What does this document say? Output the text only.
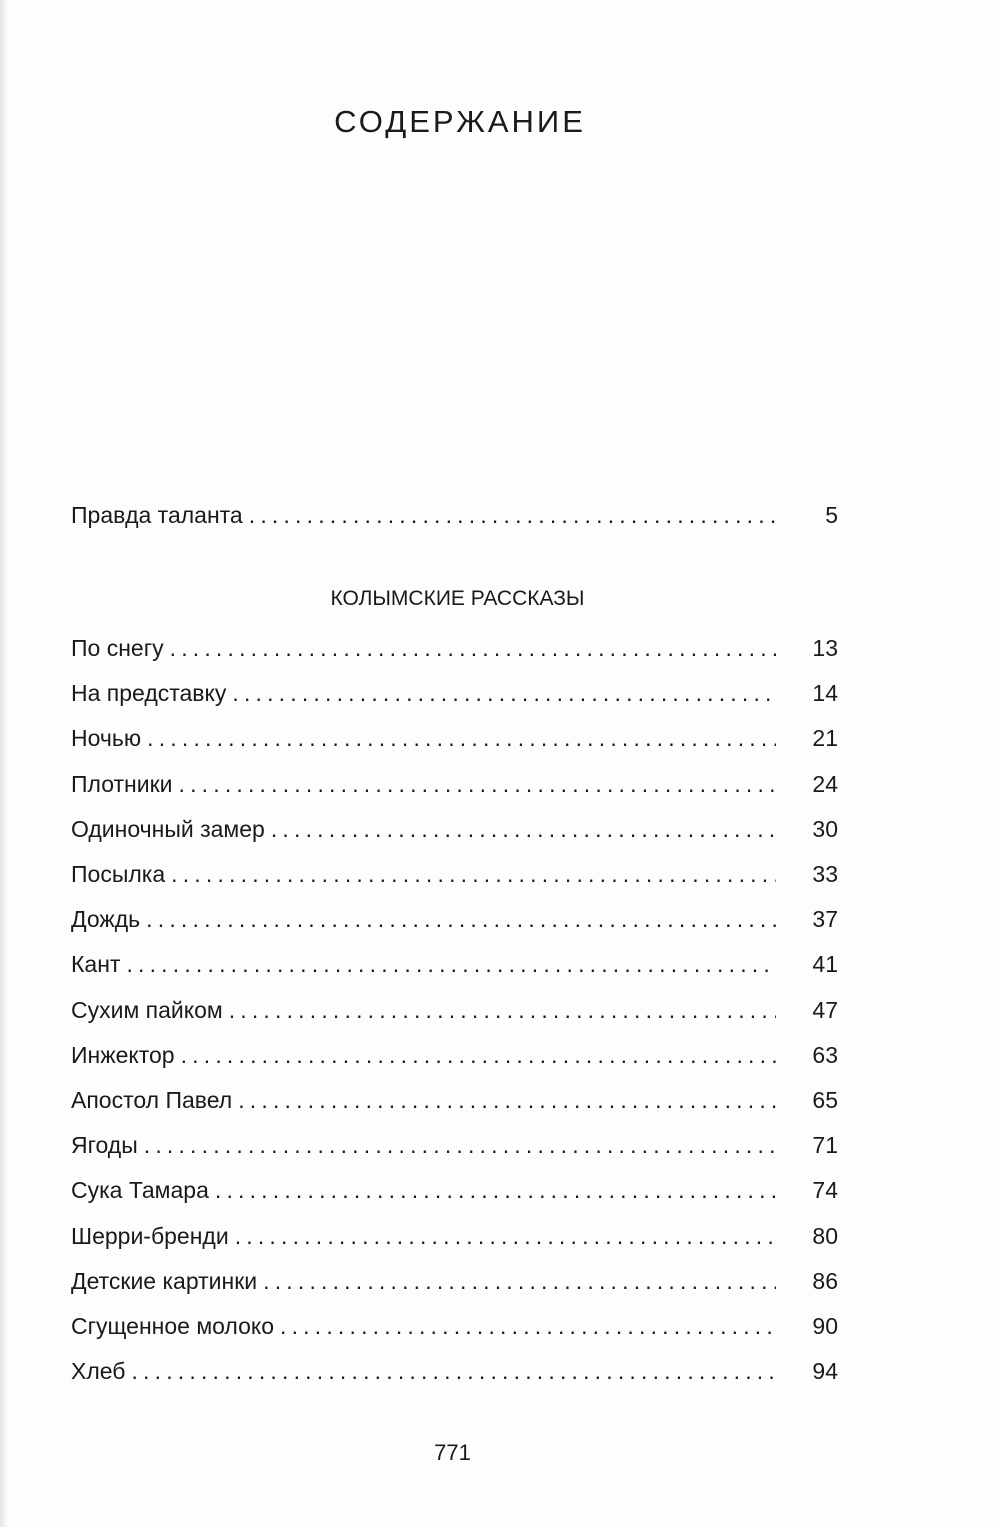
СОДЕРЖАНИЕ
Правда таланта . . .	5
КОЛЫМСКИЕ РАССКАЗЫ
По снегу . . .	13
На представку . . .	14
Ночью . . .	21
Плотники . . .	24
Одиночный замер . . .	30
Посылка . . .	33
Дождь . . .	37
Кант . . .	41
Сухим пайком . . .	47
Инжектор . . .	63
Апостол Павел . . .	65
Ягоды . . .	71
Сука Тамара . . .	74
Шерри-бренди . . .	80
Детские картинки . . .	86
Сгущенное молоко . . .	90
Хлеб . . .	94
771
